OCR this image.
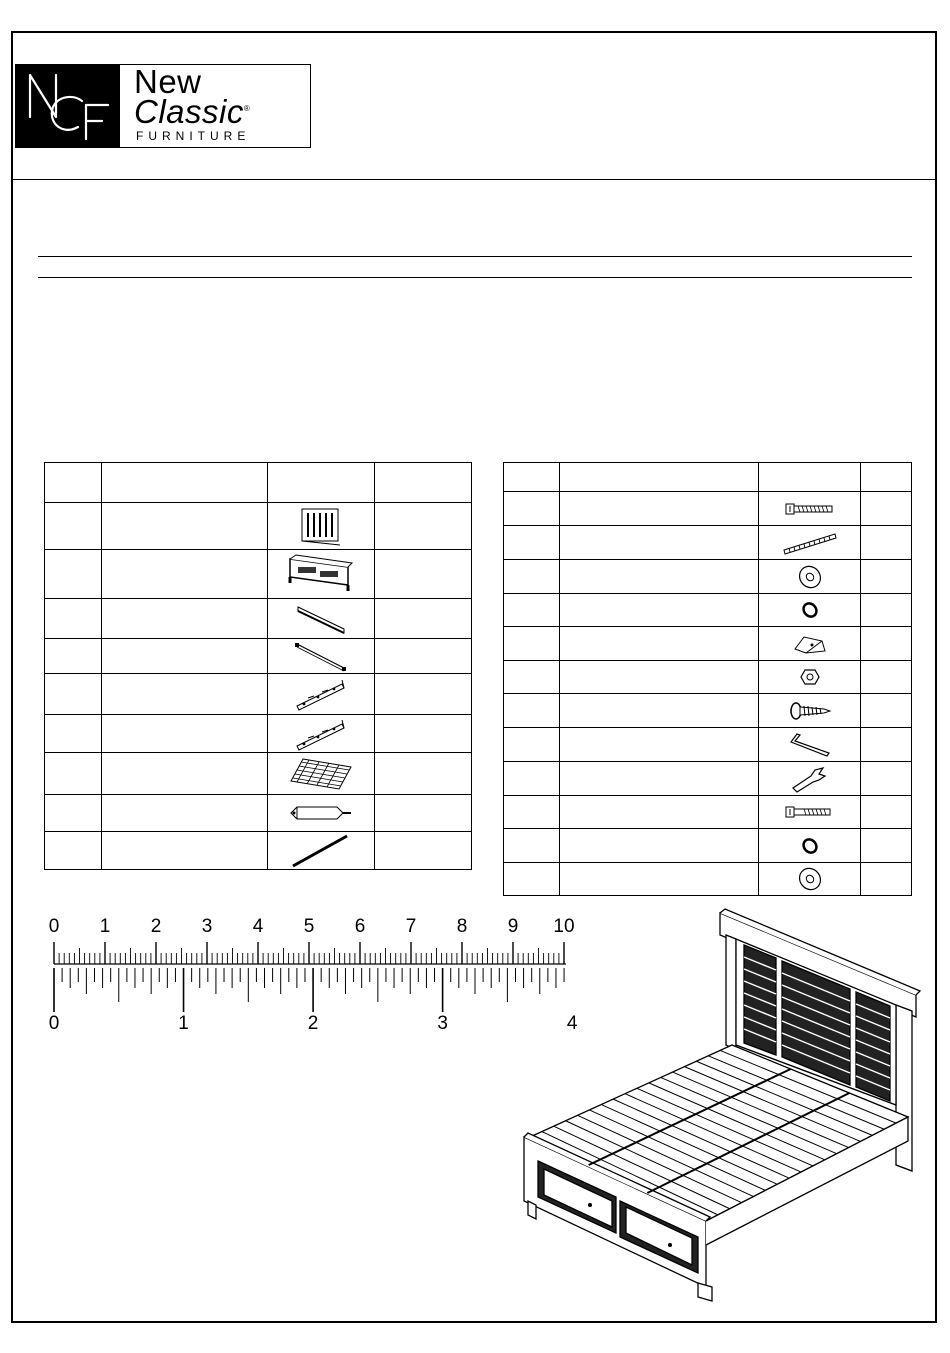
New
Classic®
FURNITURE

0 1 2 3 4 5 6 7 8 9 10
0	1	2	3	4
